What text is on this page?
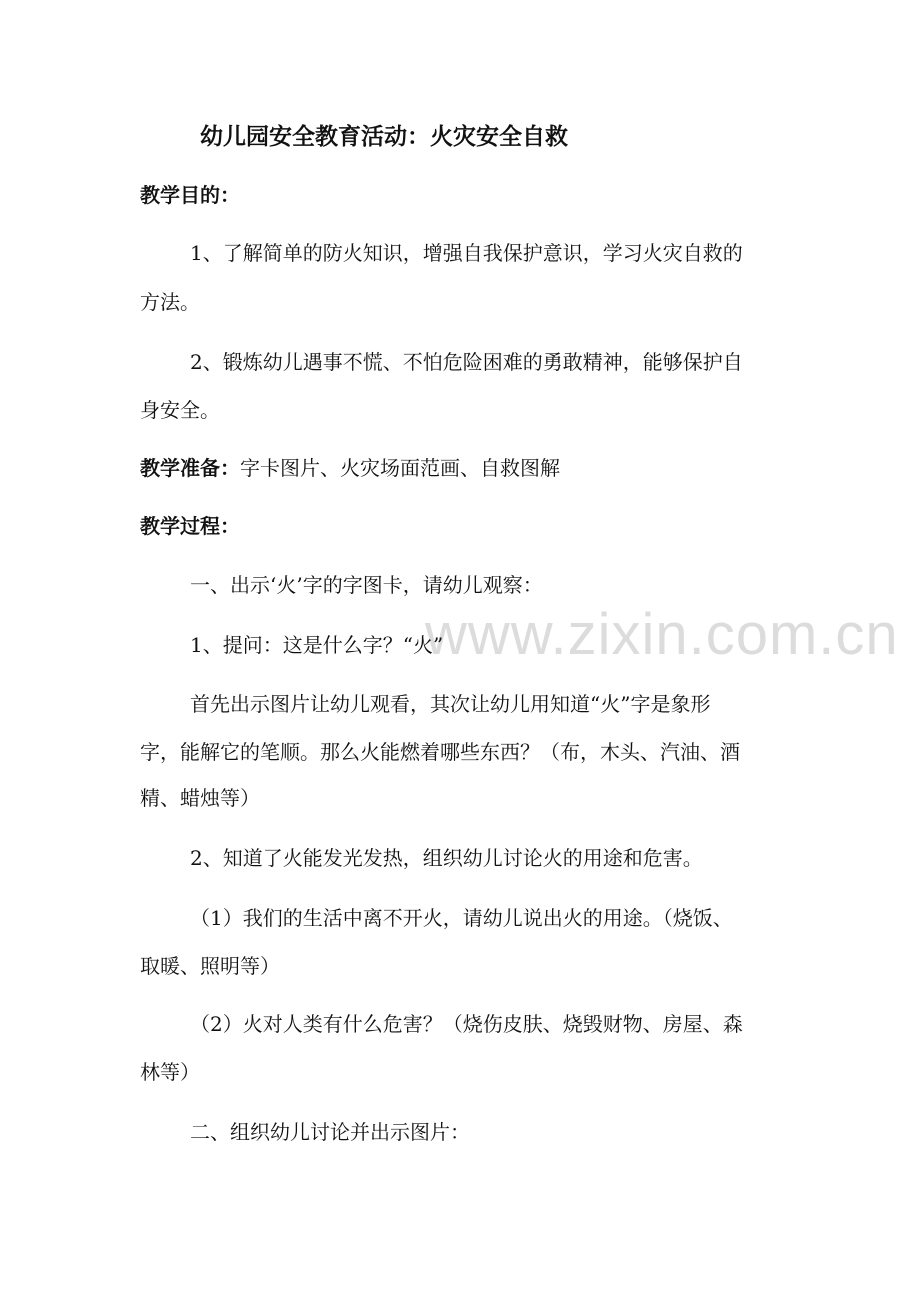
www.zixin.com.cn

幼儿园安全教育活动：火灾安全自救

教学目的：

1、了解简单的防火知识，增强自我保护意识，学习火灾自救的

方法。

2、锻炼幼儿遇事不慌、不怕危险困难的勇敢精神，能够保护自

身安全。

教学准备：字卡图片、火灾场面范画、自救图解

教学过程：

一、出示‘火’字的字图卡，请幼儿观察：

1、提问：这是什么字？“火”

首先出示图片让幼儿观看，其次让幼儿用知道“火”字是象形

字，能解它的笔顺。那么火能燃着哪些东西？（布，木头、汽油、酒

精、蜡烛等）

2、知道了火能发光发热，组织幼儿讨论火的用途和危害。

（1）我们的生活中离不开火，请幼儿说出火的用途。（烧饭、

取暖、照明等）

（2）火对人类有什么危害？（烧伤皮肤、烧毁财物、房屋、森

林等）

二、组织幼儿讨论并出示图片：
